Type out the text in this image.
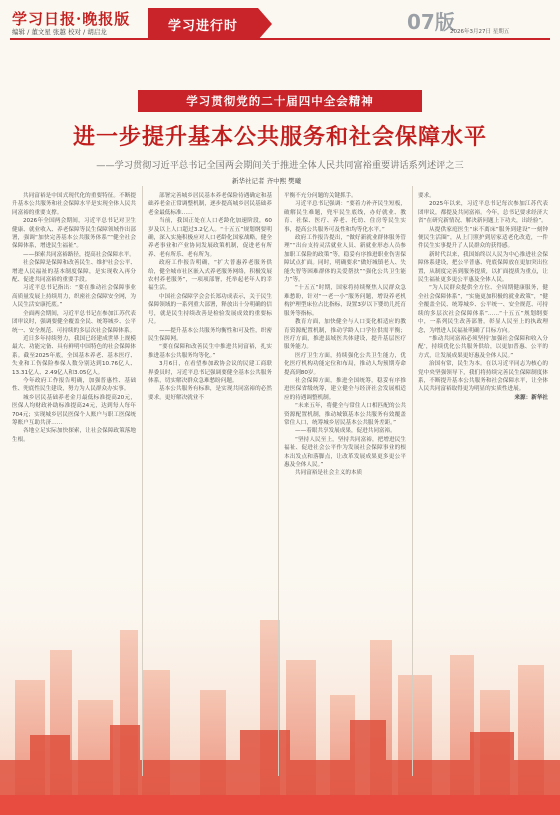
学习日报·晚报版
编辑 / 董文星 张越 校对 / 胡启龙	学习进行时	07版
2026年3月27日 星期五
学习贯彻党的二十届四中全会精神
进一步提升基本公共服务和社会保障水平
——学习贯彻习近平总书记全国两会期间关于推进全体人民共同富裕重要讲话系列述评之三
新华社记者 齐中熙 樊曦

共同富裕是中国式现代化的重要特征。不断提升基本公共服务和社会保障水平是实现全体人民共同富裕的重要支撑。

2026年全国两会期间，习近平总书记对卫生健康、就业收入、养老保障等民生保障领域作出部署，强调“加快完善基本公共服务体系”“健全社会保障体系，增进民生福祉”。

——探索共同富裕路径，提高社会保障水平。

社会保障是保障和改善民生、维护社会公平、增进人民福祉的基本制度保障，是实现收入再分配、促进共同富裕的重要手段。

习近平总书记指出：“要在推动社会保障事业高质量发展上持续用力，织密社会保障安全网，为人民生活安康托底。”

全面两会期间，习近平总书记在参加江苏代表团审议时，强调要健全覆盖全民、统筹城乡、公平统一、安全规范、可持续的多层次社会保障体系。

近日多年持续努力，我国已经建成世界上规模最大、功能完备、具有鲜明中国特色的社会保障体系。截至2025年底，全国基本养老、基本医疗、失业和工伤保险参保人数分别达到10.76亿人、13.31亿人、2.49亿人和3.05亿人。

今年政府工作报告明确，加强普惠性、基础性、兜底性民生建设，努力为人民群众办实事。

城乡居民基础养老金月最低标准提高20元，医保人均财政补助标准提高24元，达到每人每年704元；实现城乡居民医保个人账户与职工医保统筹账户互助共济……

各地立足实际加快探索，让社会保障政策落地生根。

部署完善城乡居民基本养老保险待遇确定和基础养老金正常调整机制，逐步提高城乡居民基础养老金最低标准……

当前，我国正处在人口老龄化加速阶段，60岁及以上人口超过3.2亿人。“十五五”规划纲要明确，深入实施积极应对人口老龄化国家战略，健全养老事业和产业协同发展政策机制，促进老有所养、老有所乐、老有所为。

政府工作报告明确，“扩大普惠养老服务供给，健全城市社区嵌入式养老服务网络，积极发展农村养老服务”，一项项部署，托举起老年人的幸福生活。

中国社会保障学会会长郑功成表示，关于民生保障领域的一系列重大部署，释放出十分明确的信号，就是民生持续改善是检验发展成效的重要标尺。

——提升基本公共服务均衡性和可及性，织密民生保障网。

“要在保障和改善民生中推进共同富裕，扎实推进基本公共服务均等化。”

3月6日，在看望参加政协会议的民建工商联界委员时，习近平总书记强调要健全基本公共服务体系，切实解决群众急难愁盼问题。

基本公共服务有标准，是实现共同富裕的必然要求。更好解决就业不

平衡不充分问题的关键抓手。

习近平总书记强调：“要着力补齐民生短板，破解民生难题，兜牢民生底线，办好就业、教育、社保、医疗、养老、托幼、住房等民生实事，提高公共服务可及性和均等化水平。”

政府工作报告提出，“做好新就业群体服务管理”“出台支持灵活就业人员、新就业形态人员参加职工保险的政策”等，稳妥有序推进职业伤害保障试点扩面。同时，明确要求“做好城镇老人、失能失智等困难群体的关爱帮扶”“强化公共卫生能力”等。

“十五五”时期，国家将持续聚焦人民群众急难愁盼，针对“一老一小”服务问题，增设养老机构护理型床位占比指标，设置3岁以下婴幼儿托育服务等指标。

教育方面，加快健全与人口变化相适应的教育资源配置机制，推动学龄人口学位供需平衡；医疗方面，推进县域医共体建设，提升基层医疗服务能力。

医疗卫生方面，持续强化公共卫生能力，优化医疗机构功能定位和布局，推动人均预期寿命提高到80岁。

社会保障方面，推进全国统筹，稳妥有序推进医保省级统筹，建立健全与经济社会发展相适应的待遇调整机制。

“未来五年，将健全与常住人口相匹配的公共资源配置机制，推动城镇基本公共服务有效覆盖常住人口，统筹城乡居民基本公共服务差距。”

——着眼共享发展成果，促进共同富裕。

“坚持人民至上，坚持共同富裕，把增进民生福祉、促进社会公平作为发展社会保障事业的根本出发点和落脚点，让改革发展成果更多更公平惠及全体人民。”

共同富裕是社会主义的本质

要求。

2025年以来，习近平总书记每次参加江苏代表团审议，都提及共同富裕。今年，总书记要求经济大省“在研究新情况、解决新问题上下功夫，出经验”。

从提供家庭医生“床不离床”服务到建设“一刻钟便民生活圈”，从上门照护到居家适老化改造，一件件民生实事提升了人民群众的获得感。

新时代以来，我国始终以人民为中心推进社会保障体系建设，把公平普惠、兜底保障放在更加突出位置，从制度完善到服务提质，以扩面提质为重点，让民生福祉更多更公平惠及全体人民。

“为人民群众提供全方位、全周期健康服务，健全社会保障体系”，“实施更加积极的就业政策”，“健全覆盖全民、统筹城乡、公平统一、安全规范、可持续的多层次社会保障体系”……“十五五”规划纲要中，一系列民生改善部署，彰显人民至上的执政理念，为增进人民福祉明确了目标方向。

“推动共同富裕必须坚持‘加强社会保障和收入分配’，持续优化公共服务供给，以更加普惠、公平的方式，让发展成果更好惠及全体人民。”

治国有常，民生为本。在以习近平同志为核心的党中央坚强领导下，我们将持续完善民生保障制度体系，不断提升基本公共服务和社会保障水平，让全体人民共同富裕取得更为明显的实质性进展。

来源：新华社
